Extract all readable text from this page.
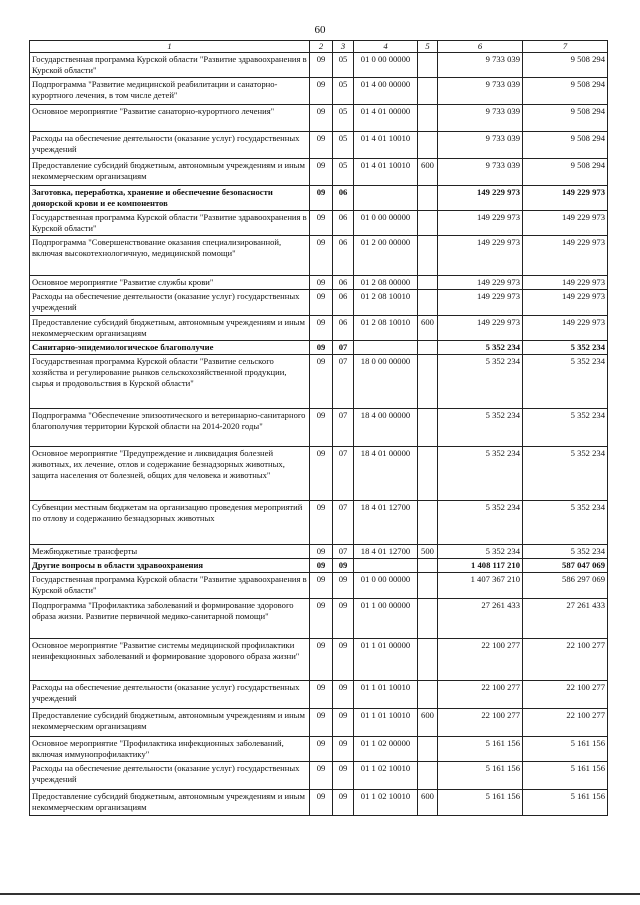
60
1	2	3	4	5	6	7
Государственная программа Курской области "Развитие здравоохранения в Курской области"	09	05	01 0 00 00000		9 733 039	9 508 294
Подпрограмма "Развитие медицинской реабилитации и санаторно-курортного лечения, в том числе детей"	09	05	01 4 00 00000		9 733 039	9 508 294
Основное мероприятие "Развитие санаторно-курортного лечения"	09	05	01 4 01 00000		9 733 039	9 508 294
Расходы на обеспечение деятельности (оказание услуг) государственных учреждений	09	05	01 4 01 10010		9 733 039	9 508 294
Предоставление субсидий бюджетным, автономным учреждениям и иным некоммерческим организациям	09	05	01 4 01 10010	600	9 733 039	9 508 294
Заготовка, переработка, хранение и обеспечение безопасности донорской крови и ее компонентов	09	06			149 229 973	149 229 973
Государственная программа Курской области "Развитие здравоохранения в Курской области"	09	06	01 0 00 00000		149 229 973	149 229 973
Подпрограмма "Совершенствование оказания специализированной, включая высокотехнологичную, медицинской помощи"	09	06	01 2 00 00000		149 229 973	149 229 973
Основное мероприятие "Развитие службы крови"	09	06	01 2 08 00000		149 229 973	149 229 973
Расходы на обеспечение деятельности (оказание услуг) государственных учреждений	09	06	01 2 08 10010		149 229 973	149 229 973
Предоставление субсидий бюджетным, автономным учреждениям и иным некоммерческим организациям	09	06	01 2 08 10010	600	149 229 973	149 229 973
Санитарно-эпидемиологическое благополучие	09	07			5 352 234	5 352 234
Государственная программа Курской области "Развитие сельского хозяйства и регулирование рынков сельскохозяйственной продукции, сырья и продовольствия в Курской области"	09	07	18 0 00 00000		5 352 234	5 352 234
Подпрограмма "Обеспечение эпизоотического и ветеринарно-санитарного благополучия территории Курской области на 2014-2020 годы"	09	07	18 4 00 00000		5 352 234	5 352 234
Основное мероприятие "Предупреждение и ликвидация болезней животных, их лечение, отлов и содержание безнадзорных животных, защита населения от болезней, общих для человека и животных"	09	07	18 4 01 00000		5 352 234	5 352 234
Субвенции местным бюджетам на организацию проведения мероприятий по отлову и содержанию безнадзорных животных	09	07	18 4 01 12700		5 352 234	5 352 234
Межбюджетные трансферты	09	07	18 4 01 12700	500	5 352 234	5 352 234
Другие вопросы в области здравоохранения	09	09			1 408 117 210	587 047 069
Государственная программа Курской области "Развитие здравоохранения в Курской области"	09	09	01 0 00 00000		1 407 367 210	586 297 069
Подпрограмма "Профилактика заболеваний и формирование здорового образа жизни. Развитие первичной медико-санитарной помощи"	09	09	01 1 00 00000		27 261 433	27 261 433
Основное мероприятие "Развитие системы медицинской профилактики неинфекционных заболеваний и формирование здорового образа жизни"	09	09	01 1 01 00000		22 100 277	22 100 277
Расходы на обеспечение деятельности (оказание услуг) государственных учреждений	09	09	01 1 01 10010		22 100 277	22 100 277
Предоставление субсидий бюджетным, автономным учреждениям и иным некоммерческим организациям	09	09	01 1 01 10010	600	22 100 277	22 100 277
Основное мероприятие "Профилактика инфекционных заболеваний, включая иммунопрофилактику"	09	09	01 1 02 00000		5 161 156	5 161 156
Расходы на обеспечение деятельности (оказание услуг) государственных учреждений	09	09	01 1 02 10010		5 161 156	5 161 156
Предоставление субсидий бюджетным, автономным учреждениям и иным некоммерческим организациям	09	09	01 1 02 10010	600	5 161 156	5 161 156
